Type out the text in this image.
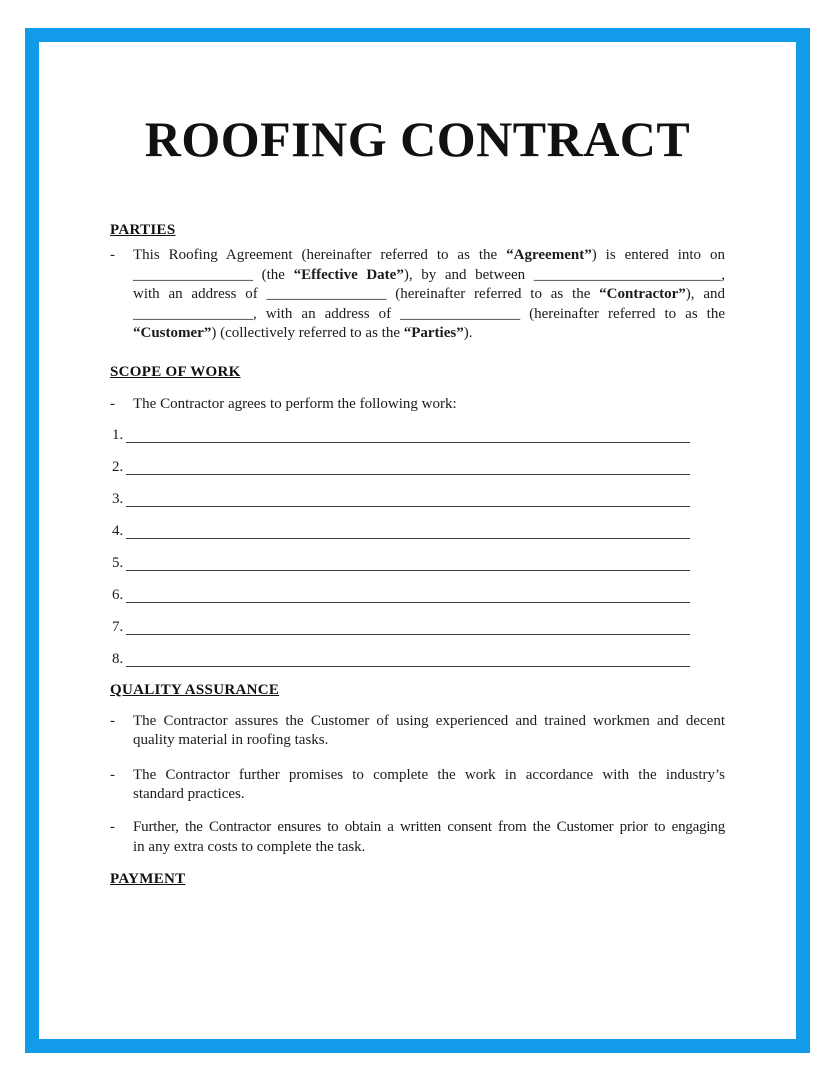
ROOFING CONTRACT
PARTIES
- This Roofing Agreement (hereinafter referred to as the “Agreement”) is entered into on
________________ (the “Effective Date”), by and between _________________________,
with an address of ________________ (hereinafter referred to as the “Contractor”), and
________________, with an address of ________________ (hereinafter referred to as the
“Customer”) (collectively referred to as the “Parties”).
SCOPE OF WORK
- The Contractor agrees to perform the following work:
1.
2.
3.
4.
5.
6.
7.
8.
QUALITY ASSURANCE
- The Contractor assures the Customer of using experienced and trained workmen and decent
quality material in roofing tasks.
- The Contractor further promises to complete the work in accordance with the industry’s
standard practices.
- Further, the Contractor ensures to obtain a written consent from the Customer prior to engaging
in any extra costs to complete the task.
PAYMENT
